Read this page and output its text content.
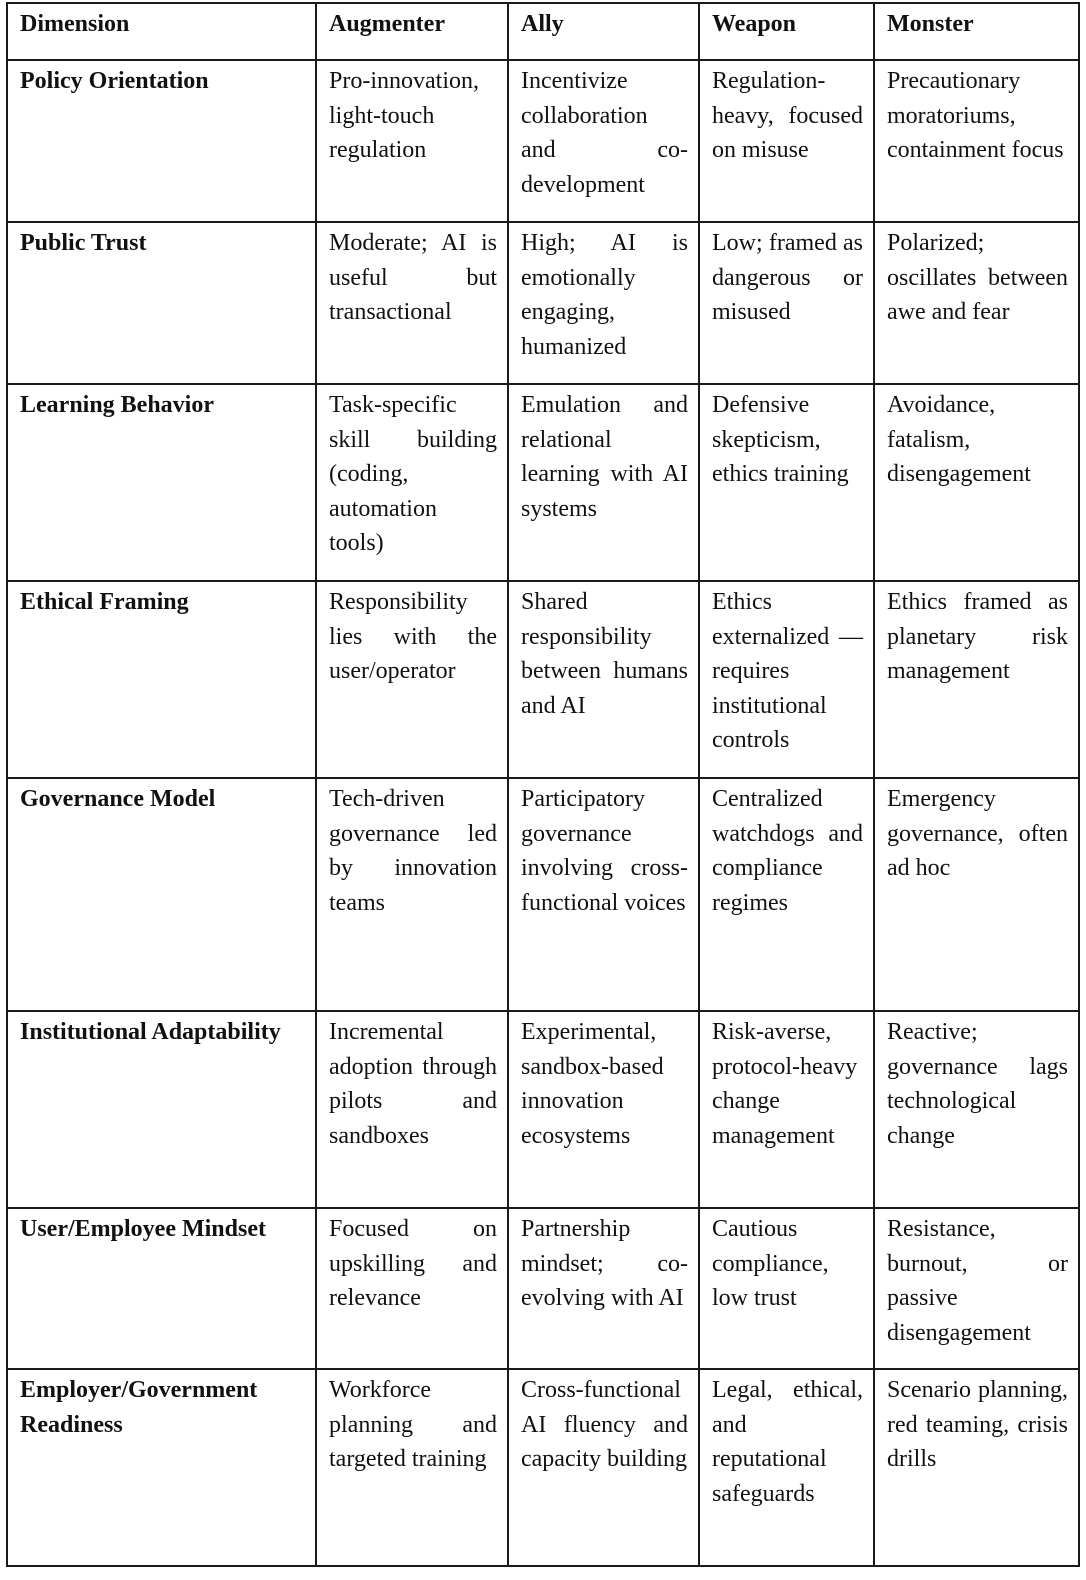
Dimension	Augmenter	Ally	Weapon	Monster
Policy Orientation	Pro-innovation, light-touch regulation	Incentivize collaboration and co-development	Regulation-heavy, focused on misuse	Precautionary moratoriums, containment focus
Public Trust	Moderate; AI is useful but transactional	High; AI is emotionally engaging, humanized	Low; framed as dangerous or misused	Polarized; oscillates between awe and fear
Learning Behavior	Task-specific skill building (coding, automation tools)	Emulation and relational learning with AI systems	Defensive skepticism, ethics training	Avoidance, fatalism, disengagement
Ethical Framing	Responsibility lies with the user/operator	Shared responsibility between humans and AI	Ethics externalized — requires institutional controls	Ethics framed as planetary risk management
Governance Model	Tech-driven governance led by innovation teams	Participatory governance involving cross-functional voices	Centralized watchdogs and compliance regimes	Emergency governance, often ad hoc
Institutional Adaptability	Incremental adoption through pilots and sandboxes	Experimental, sandbox-based innovation ecosystems	Risk-averse, protocol-heavy change management	Reactive; governance lags technological change
User/Employee Mindset	Focused on upskilling and relevance	Partnership mindset; co-evolving with AI	Cautious compliance, low trust	Resistance, burnout, or passive disengagement
Employer/Government Readiness	Workforce planning and targeted training	Cross-functional AI fluency and capacity building	Legal, ethical, and reputational safeguards	Scenario planning, red teaming, crisis drills
